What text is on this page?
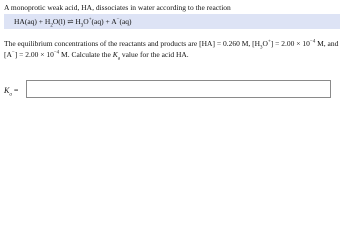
A monoprotic weak acid, HA, dissociates in water according to the reaction
$HA(aq) + H_2O(l)$ ⇌ $H_3O^+(aq) + A^-(aq)$
The equilibrium concentrations of the reactants and products are [HA] = 0.260 M, $[H_3O^+] = 2.00 \times 10^{-4}$ M, and
$[A^-] = 2.00 \times 10^{-4}$ M. Calculate the $K_a$ value for the acid HA.
$K_a$ =
